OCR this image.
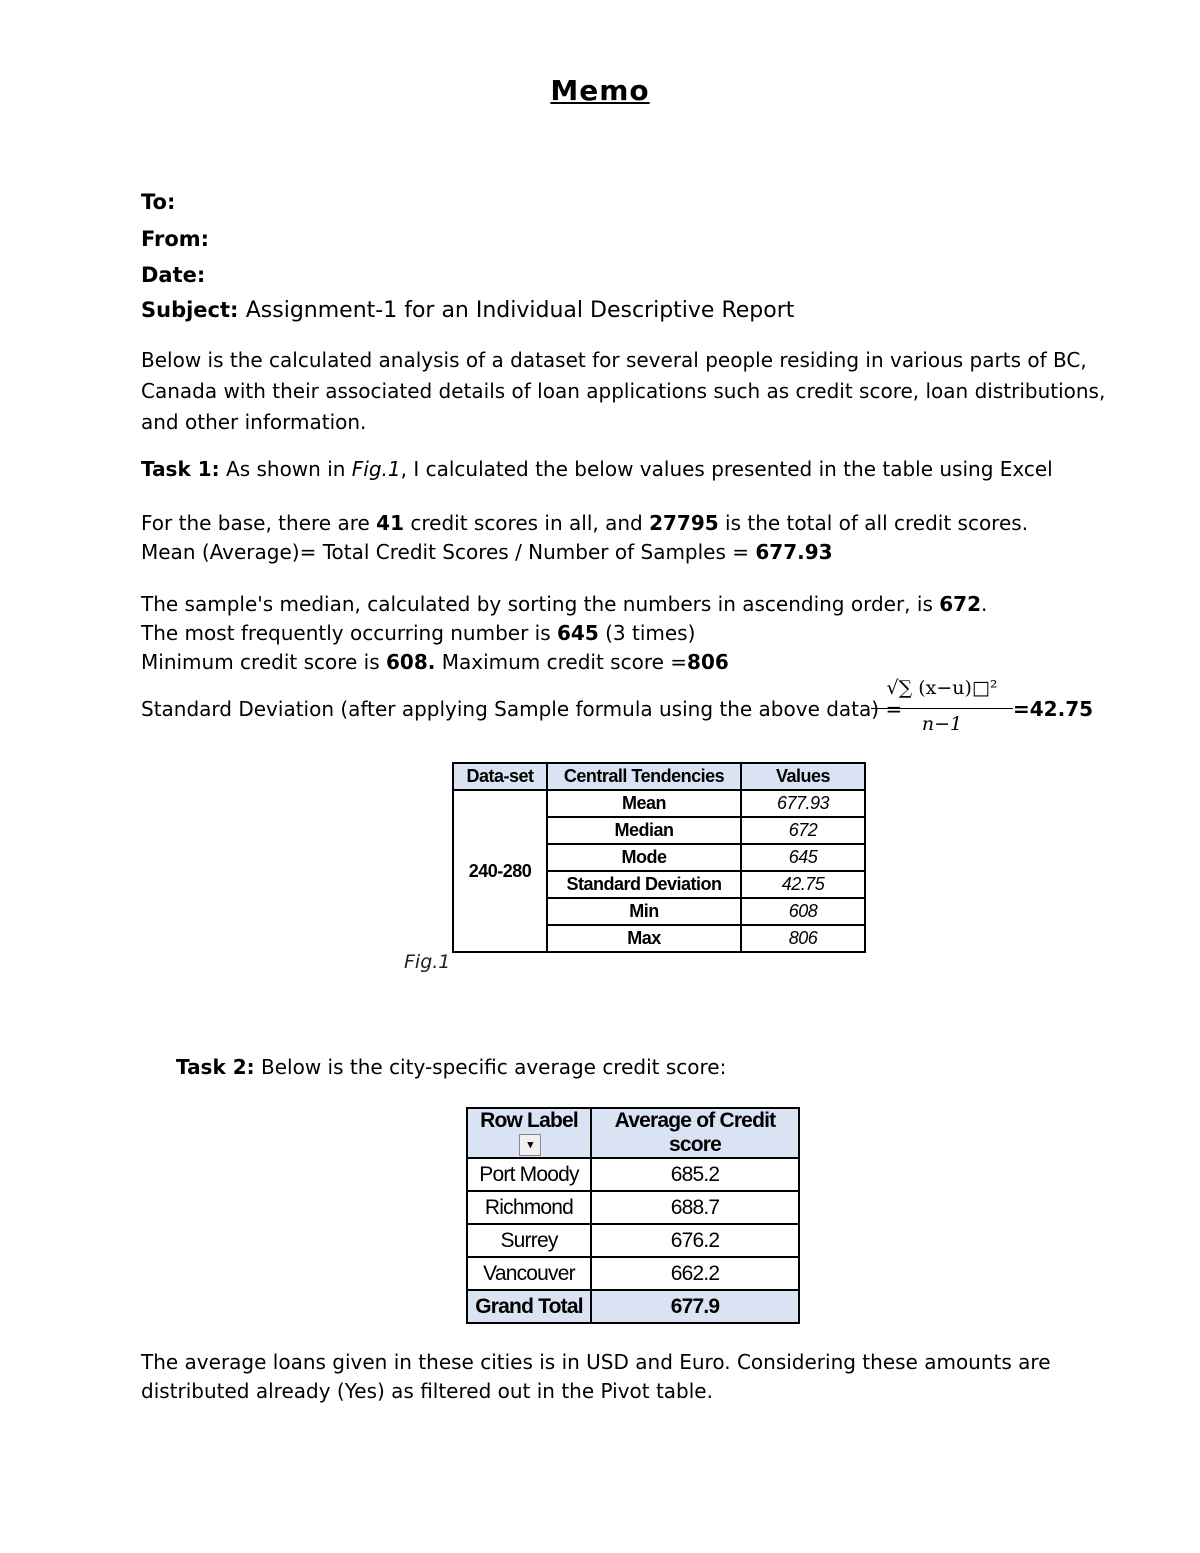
Memo
To:
From:
Date:
Subject: Assignment-1 for an Individual Descriptive Report
Below is the calculated analysis of a dataset for several people residing in various parts of BC, Canada with their associated details of loan applications such as credit score, loan distributions, and other information.
Task 1: As shown in Fig.1, I calculated the below values presented in the table using Excel
For the base, there are 41 credit scores in all, and 27795 is the total of all credit scores.
Mean (Average)= Total Credit Scores / Number of Samples = 677.93
The sample's median, calculated by sorting the numbers in ascending order, is 672.
The most frequently occurring number is 645 (3 times)
Minimum credit score is 608. Maximum credit score =806
Standard Deviation (after applying Sample formula using the above data) =
√∑ (x−u)□²
n−1
=42.75
Data-set	Centrall Tendencies	Values
240-280	Mean	677.93
	Median	672
	Mode	645
	Standard Deviation	42.75
	Min	608
	Max	806
Fig.1
Task 2: Below is the city-specific average credit score:
Row Label▾	Average of Credit score
Port Moody	685.2
Richmond	688.7
Surrey	676.2
Vancouver	662.2
Grand Total	677.9
The average loans given in these cities is in USD and Euro. Considering these amounts are distributed already (Yes) as filtered out in the Pivot table.
